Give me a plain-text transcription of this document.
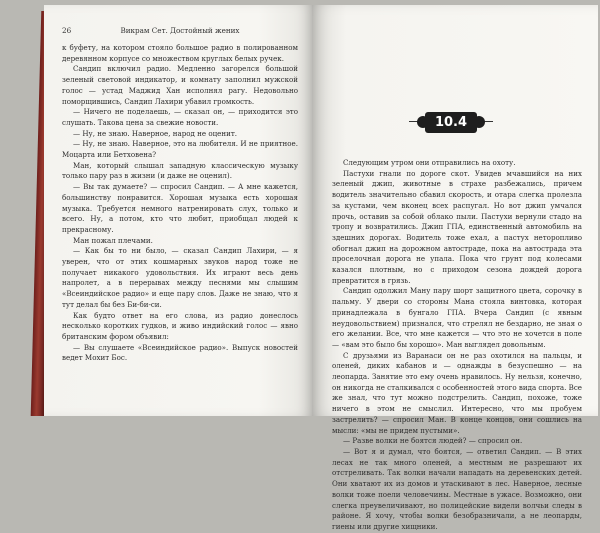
26	Викрам Сет. Достойный жених

к буфету, на котором стояло большое радио в полированном деревянном корпусе со множеством круглых белых ручек.

Сандип включил радио. Медленно загорелся большой зеленый световой индикатор, и комнату заполнил мужской голос — устад Маджид Хан исполнял рагу. Недовольно поморщившись, Сандип Лахири убавил громкость.

— Ничего не поделаешь, — сказал он, — приходится это слушать. Такова цена за свежие новости.

— Ну, не знаю. Наверное, народ не оценит.

— Ну, не знаю. Наверное, это на любителя. И не приятное. Моцарта или Бетховена?

Ман, который слышал западную классическую музыку только пару раз в жизни (и даже не оценил).

— Вы так думаете? — спросил Сандип. — А мне кажется, большинству понравится. Хорошая музыка есть хорошая музыка. Требуется немного натренировать слух, только и всего. Ну, а потом, кто что любит, приобщал людей к прекрасному.

Ман пожал плечами.

— Как бы то ни было, — сказал Сандип Лахири, — я уверен, что от этих кошмарных звуков народ тоже не получает никакого удовольствия. Их играют весь день напролет, а в перерывах между песнями мы слышим «Всеиндийское радио» и еще пару слов. Даже не знаю, что я тут делал бы без Би-би-си.

Как будто ответ на его слова, из радио донеслось несколько коротких гудков, и живо индийский голос — явно британским фором объявил:

— Вы слушаете «Всеиндийское радио». Выпуск новостей ведет Мохит Бос.

10.4

Следующим утром они отправились на охоту.

Пастухи гнали по дороге скот. Увидев мчавшийся на них зеленый джип, животные в страхе разбежались, причем водитель значительно сбавил скорость, и отара слегка пролезла за кустами, чем вконец всех распугал. Но вот джип умчался прочь, оставив за собой облако пыли. Пастухи вернули стадо на тропу и возвратились. Джип ГПА, единственный автомобиль на здешних дорогах. Водитель тоже ехал, а пастух неторопливо обогнал джип на дорожном автостраде, пока на автострада эта проселочная дорога не упала. Пока что грунт под колесами казался плотным, но с приходом сезона дождей дорога превратится в грязь.

Сандип одолжил Ману пару шорт защитного цвета, сорочку в пальму. У двери со стороны Мана стояла винтовка, которая принадлежала в бунгало ГПА. Вчера Сандип (с явным неудовольствием) признался, что стрелял не бездарно, не зная о его желании. Все, что мне кажется — что это не хочется в поле — «вам это было бы хорошо». Ман выглядел довольным.

С друзьями из Варанаси он не раз охотился на пальцы, и оленей, диких кабанов и — однажды в безуспешно — на леопарда. Занятие это ему очень нравилось. Ну нельзя, конечно, он никогда не сталкивался с особенностей этого вида спорта. Все же знал, что тут можно подстрелить. Сандип, похоже, тоже ничего в этом не смыслил. Интересно, что мы пробуем застрелить? — спросил Ман. В конце концов, они сошлись на мысли: «мы не придем пустыми».

— Разве волки не боятся людей? — спросил он.

— Вот я и думал, что боятся, — ответил Сандип. — В этих лесах не так много оленей, а местным не разрешают их отстреливать. Так волки начали нападать на деревенских детей. Они хватают их из домов и утаскивают в лес. Наверное, лесные волки тоже поели человечины. Местные в ужасе. Возможно, они слегка преувеличивают, но полицейские видели волчьи следы в районе. Я хочу, чтобы волки безобразничали, а не леопарды, гиены или другие хищники.
